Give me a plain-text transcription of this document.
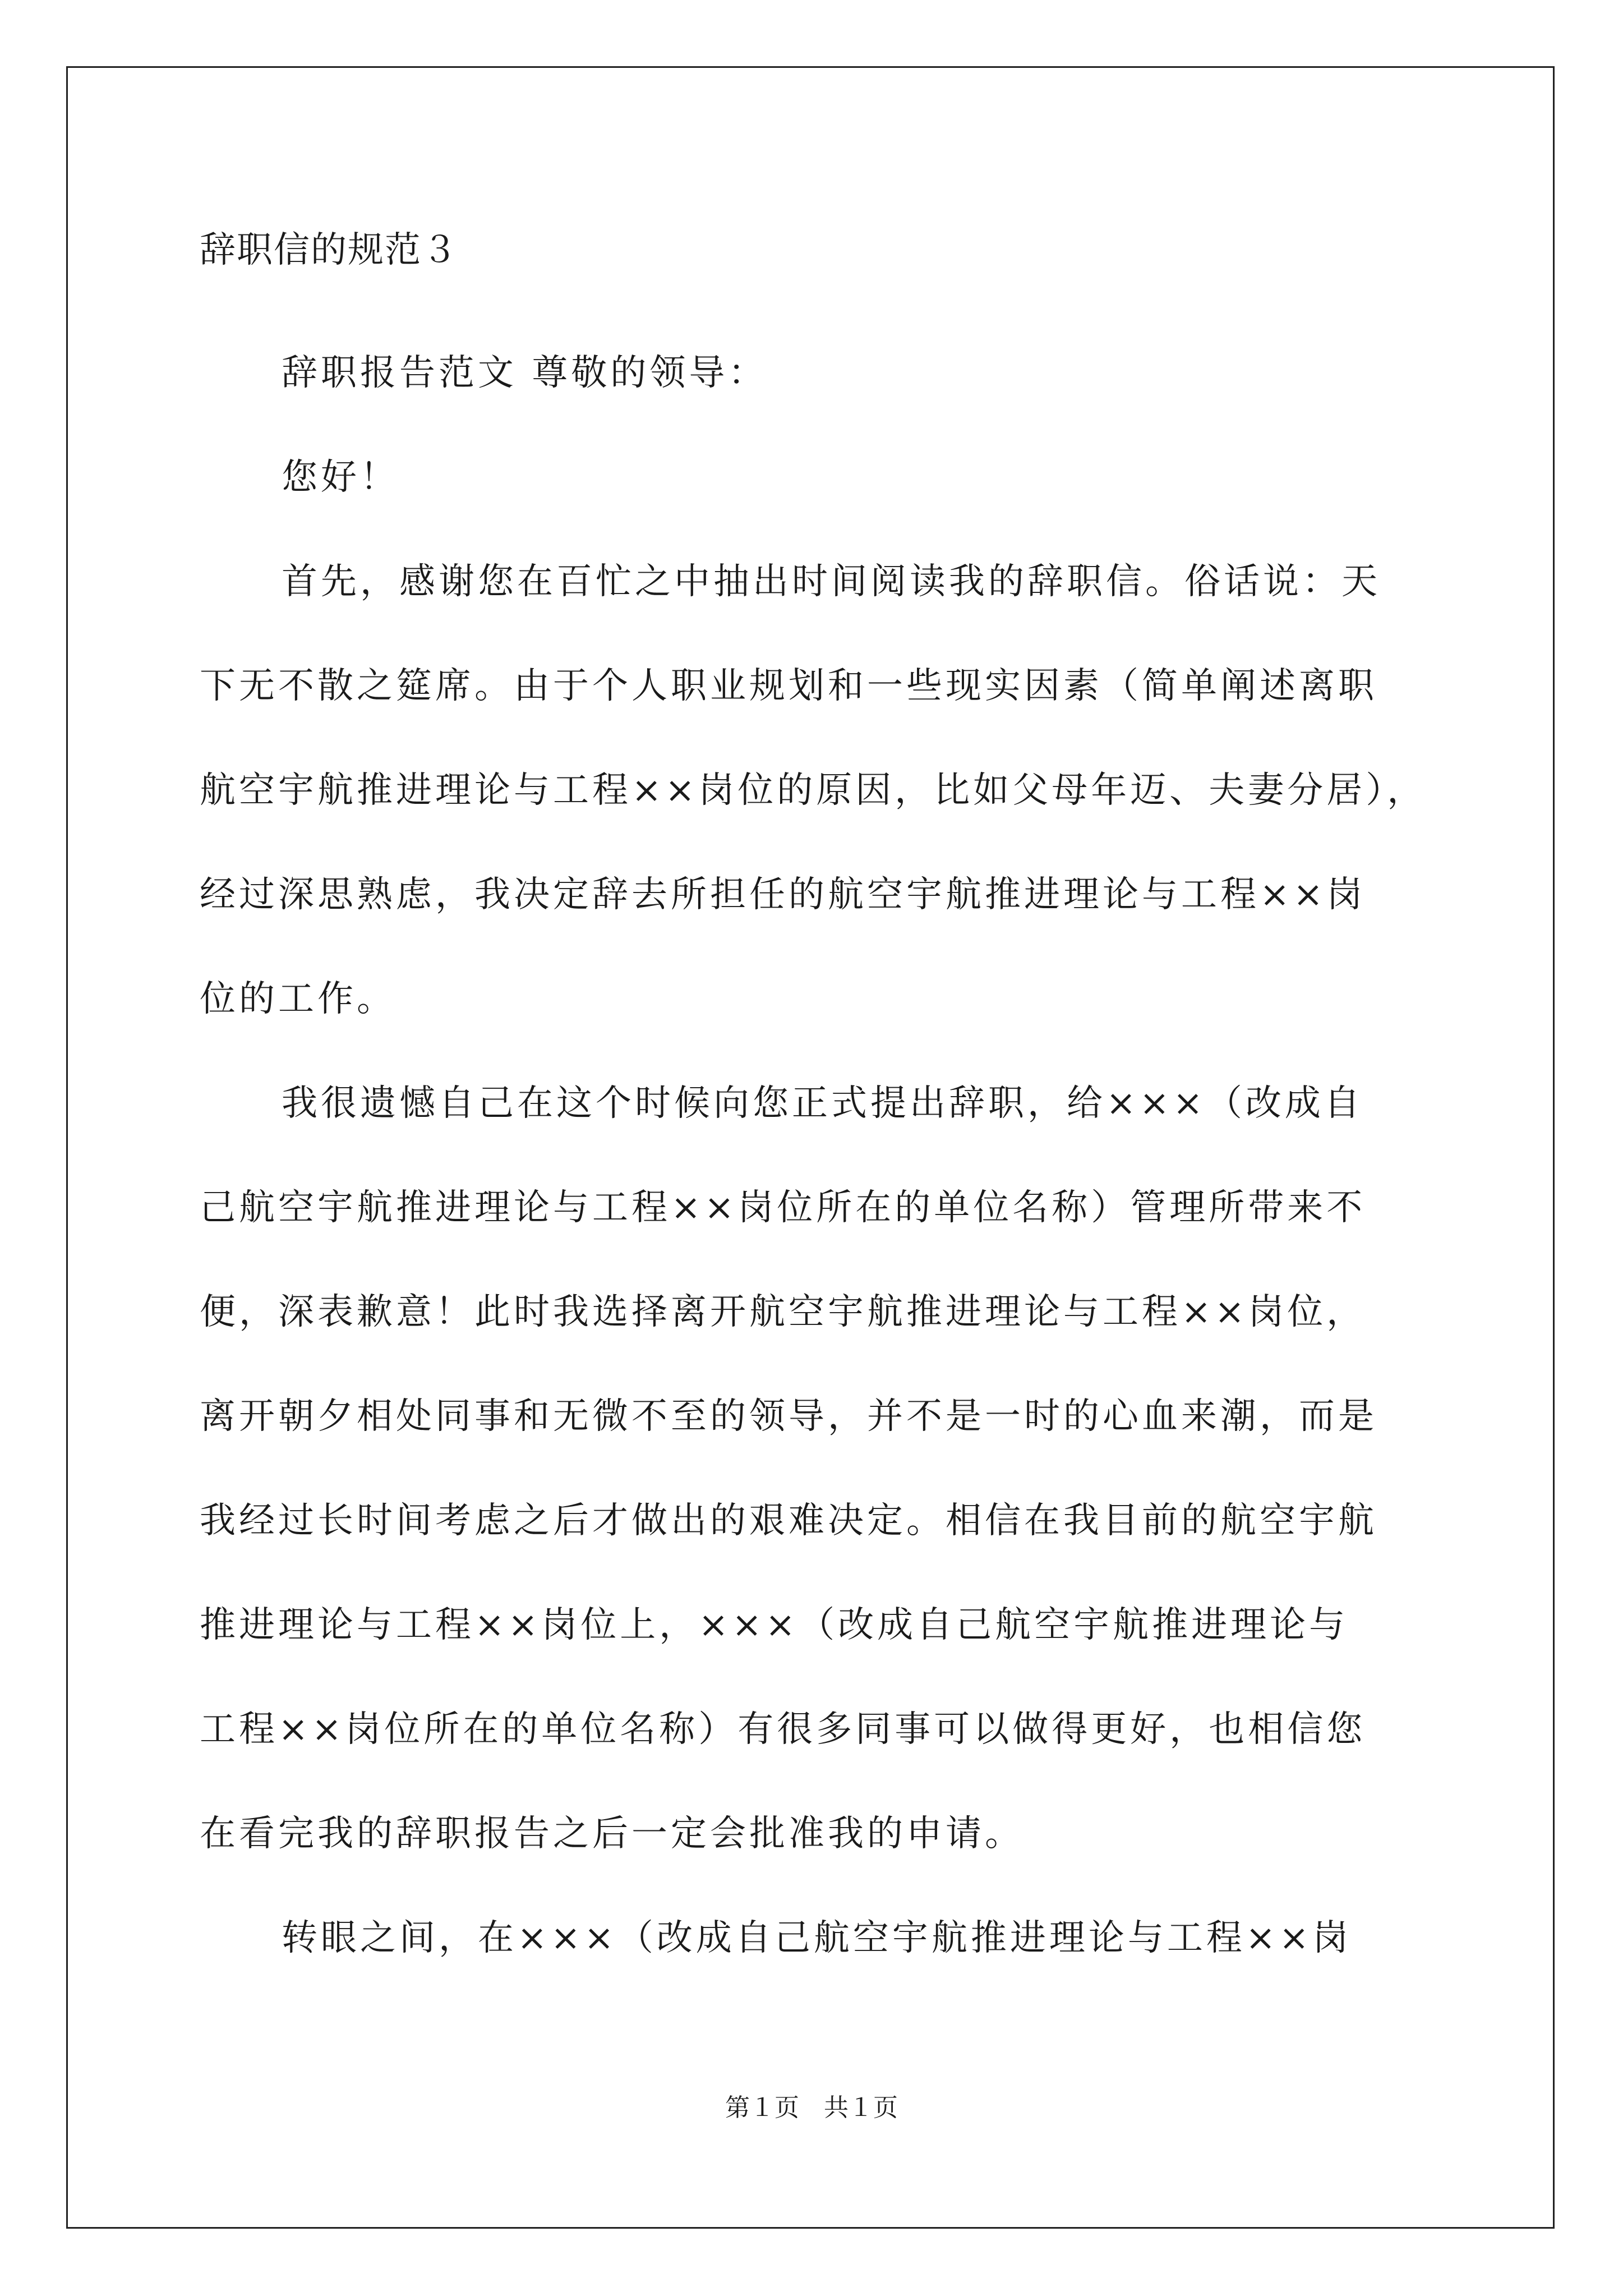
辞职信的规范３
辞职报告范文 尊敬的领导：
您好！
首先，感谢您在百忙之中抽出时间阅读我的辞职信。俗话说：天
下无不散之筵席。由于个人职业规划和一些现实因素（简单阐述离职
航空宇航推进理论与工程××岗位的原因，比如父母年迈、夫妻分居），
经过深思熟虑，我决定辞去所担任的航空宇航推进理论与工程××岗
位的工作。
我很遗憾自己在这个时候向您正式提出辞职，给×××（改成自
己航空宇航推进理论与工程××岗位所在的单位名称）管理所带来不
便，深表歉意！此时我选择离开航空宇航推进理论与工程××岗位，
离开朝夕相处同事和无微不至的领导，并不是一时的心血来潮，而是
我经过长时间考虑之后才做出的艰难决定。相信在我目前的航空宇航
推进理论与工程××岗位上，×××（改成自己航空宇航推进理论与
工程××岗位所在的单位名称）有很多同事可以做得更好，也相信您
在看完我的辞职报告之后一定会批准我的申请。
转眼之间，在×××（改成自己航空宇航推进理论与工程××岗
第１页　共１页
